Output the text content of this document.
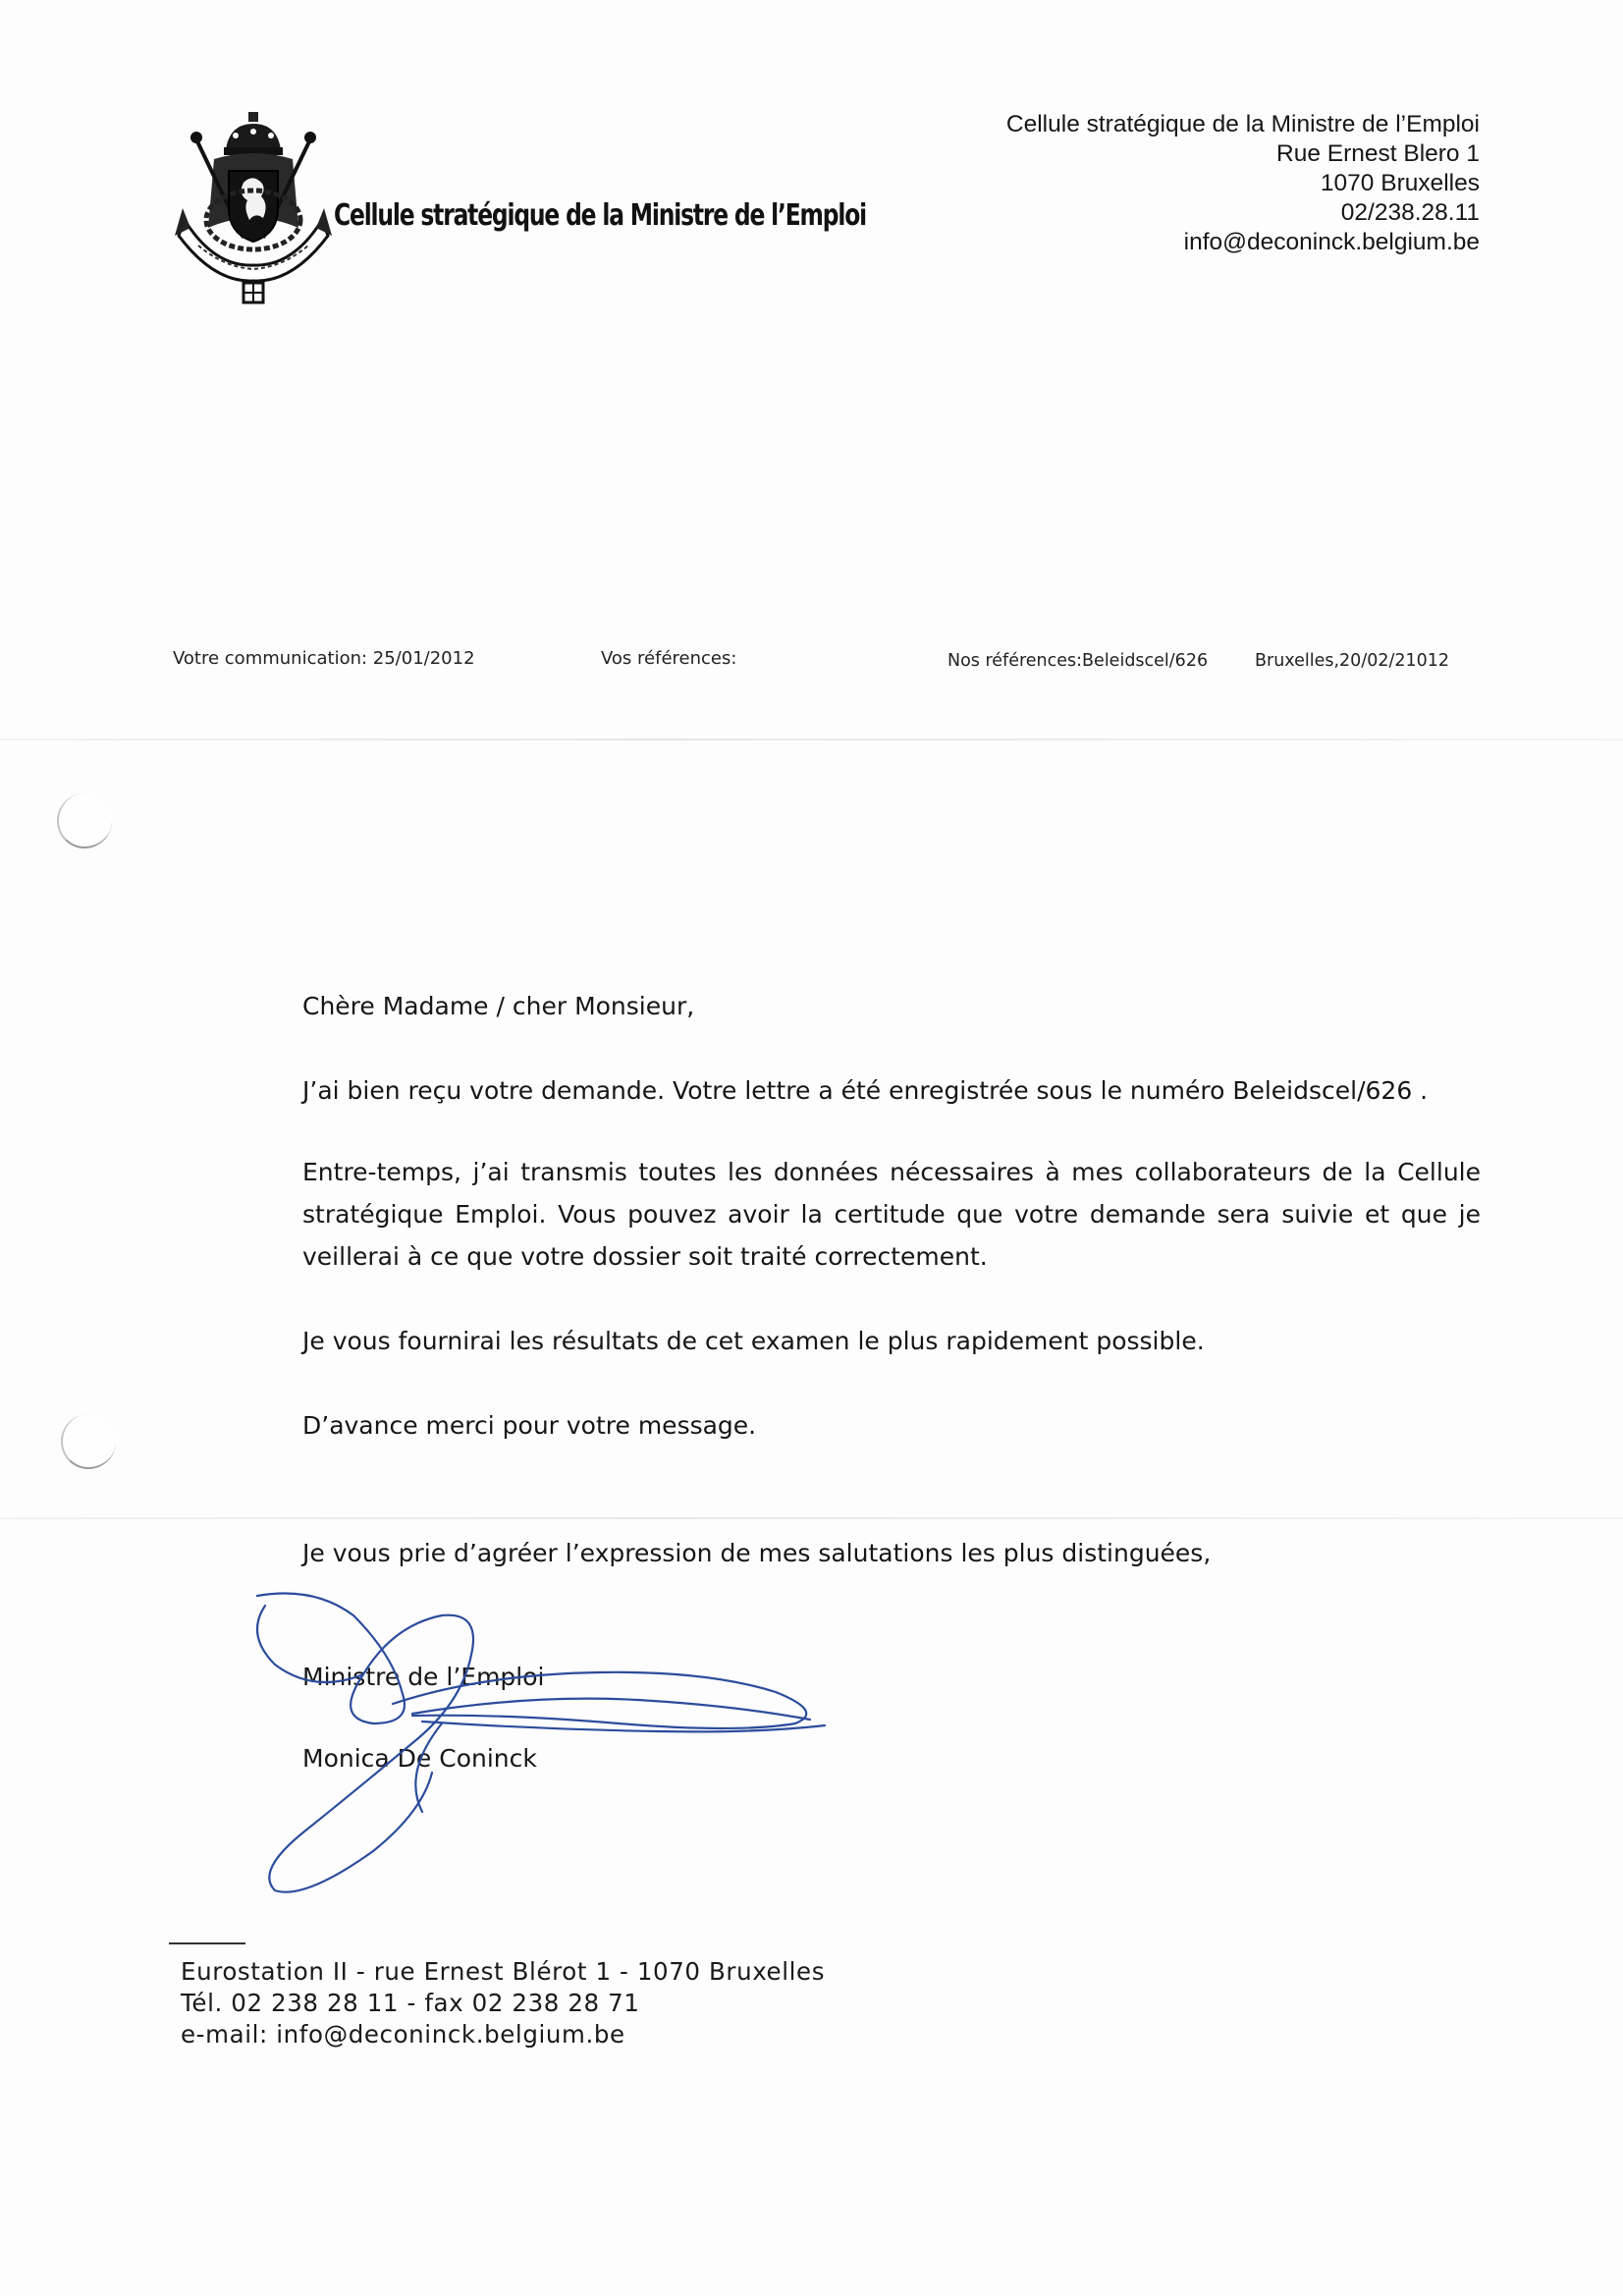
Cellule stratégique de la Ministre de l’Emploi
Cellule stratégique de la Ministre de l’Emploi
Rue Ernest Blero 1
1070 Bruxelles
02/238.28.11
info@deconinck.belgium.be
Votre communication: 25/01/2012	Vos références:	Nos références:Beleidscel/626	Bruxelles,20/02/21012
Chère Madame / cher Monsieur,
J’ai bien reçu votre demande. Votre lettre a été enregistrée sous le numéro Beleidscel/626 .
Entre-temps, j’ai transmis toutes les données nécessaires à mes collaborateurs de la Cellule stratégique Emploi. Vous pouvez avoir la certitude que votre demande sera suivie et que je veillerai à ce que votre dossier soit traité correctement.
Je vous fournirai les résultats de cet examen le plus rapidement possible.
D’avance merci pour votre message.
Je vous prie d’agréer l’expression de mes salutations les plus distinguées,
Ministre de l’Emploi
Monica De Coninck
Eurostation II - rue Ernest Blérot 1 - 1070 Bruxelles
Tél. 02 238 28 11 - fax 02 238 28 71
e-mail: info@deconinck.belgium.be
